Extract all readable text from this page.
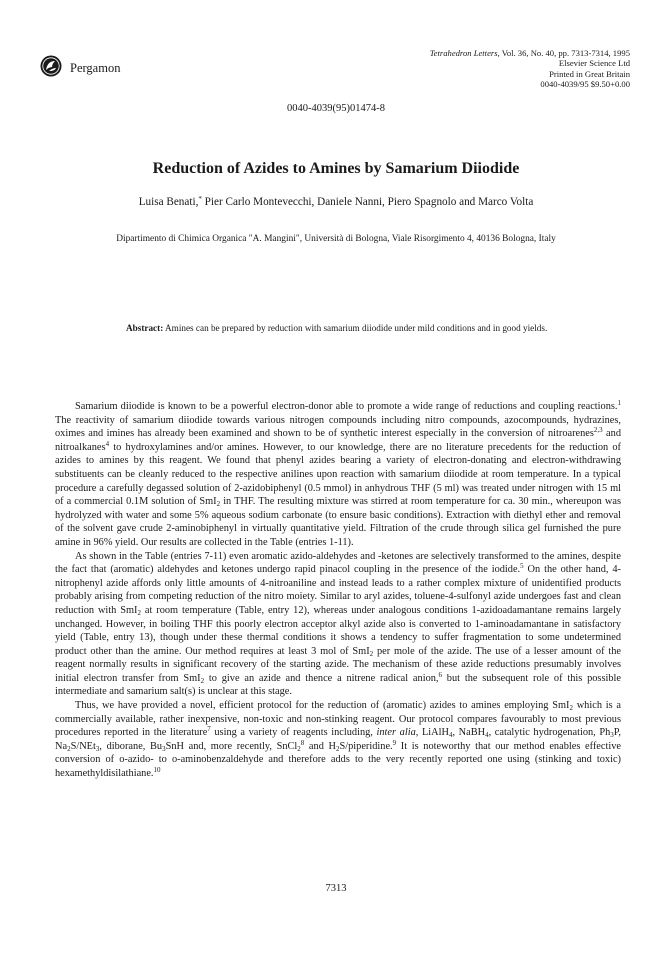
Pergamon
Tetrahedron Letters, Vol. 36, No. 40, pp. 7313-7314, 1995
Elsevier Science Ltd
Printed in Great Britain
0040-4039/95 $9.50+0.00
0040-4039(95)01474-8
Reduction of Azides to Amines by Samarium Diiodide
Luisa Benati,* Pier Carlo Montevecchi, Daniele Nanni, Piero Spagnolo and Marco Volta
Dipartimento di Chimica Organica "A. Mangini", Università di Bologna, Viale Risorgimento 4, 40136 Bologna, Italy
Abstract: Amines can be prepared by reduction with samarium diiodide under mild conditions and in good yields.

Samarium diiodide is known to be a powerful electron-donor able to promote a wide range of reductions and coupling reactions.$^1$ The reactivity of samarium diiodide towards various nitrogen compounds including nitro compounds, azocompounds, hydrazines, oximes and imines has already been examined and shown to be of synthetic interest especially in the conversion of nitroarenes$^{2,3}$ and nitroalkanes$^4$ to hydroxylamines and/or amines. However, to our knowledge, there are no literature precedents for the reduction of azides to amines by this reagent. We found that phenyl azides bearing a variety of electron-donating and electron-withdrawing substituents can be cleanly reduced to the respective anilines upon reaction with samarium diiodide at room temperature. In a typical procedure a carefully degassed solution of 2-azidobiphenyl (0.5 mmol) in anhydrous THF (5 ml) was treated under nitrogen with 15 ml of a commercial 0.1M solution of SmI$_2$ in THF. The resulting mixture was stirred at room temperature for ca. 30 min., whereupon was hydrolyzed with water and some 5% aqueous sodium carbonate (to ensure basic conditions). Extraction with diethyl ether and removal of the solvent gave crude 2-aminobiphenyl in virtually quantitative yield. Filtration of the crude through silica gel furnished the pure amine in 96% yield. Our results are collected in the Table (entries 1-11).

As shown in the Table (entries 7-11) even aromatic azido-aldehydes and -ketones are selectively transformed to the amines, despite the fact that (aromatic) aldehydes and ketones undergo rapid pinacol coupling in the presence of the iodide.$^5$ On the other hand, 4-nitrophenyl azide affords only little amounts of 4-nitroaniline and instead leads to a rather complex mixture of unidentified products probably arising from competing reduction of the nitro moiety. Similar to aryl azides, toluene-4-sulfonyl azide undergoes fast and clean reduction with SmI$_2$ at room temperature (Table, entry 12), whereas under analogous conditions 1-azidoadamantane remains largely unchanged. However, in boiling THF this poorly electron acceptor alkyl azide also is converted to 1-aminoadamantane in satisfactory yield (Table, entry 13), though under these thermal conditions it shows a tendency to suffer fragmentation to some undetermined product other than the amine. Our method requires at least 3 mol of SmI$_2$ per mole of the azide. The use of a lesser amount of the reagent normally results in significant recovery of the starting azide. The mechanism of these azide reductions presumably involves initial electron transfer from SmI$_2$ to give an azide and thence a nitrene radical anion,$^6$ but the subsequent role of this possible intermediate and samarium salt(s) is unclear at this stage.

Thus, we have provided a novel, efficient protocol for the reduction of (aromatic) azides to amines employing SmI$_2$ which is a commercially available, rather inexpensive, non-toxic and non-stinking reagent. Our protocol compares favourably to most previous procedures reported in the literature$^7$ using a variety of reagents including, inter alia, LiAlH$_4$, NaBH$_4$, catalytic hydrogenation, $Ph_3P$, $Na_2S/NEt_3$, diborane, $Bu_3SnH$ and, more recently, SnCl$_2^8$ and $H_2S/piperidine.^9$ It is noteworthy that our method enables effective conversion of o-azido- to o-aminobenzaldehyde and therefore adds to the very recently reported one using (stinking and toxic) hexamethyldisilathiane.$^{10}$

7313
